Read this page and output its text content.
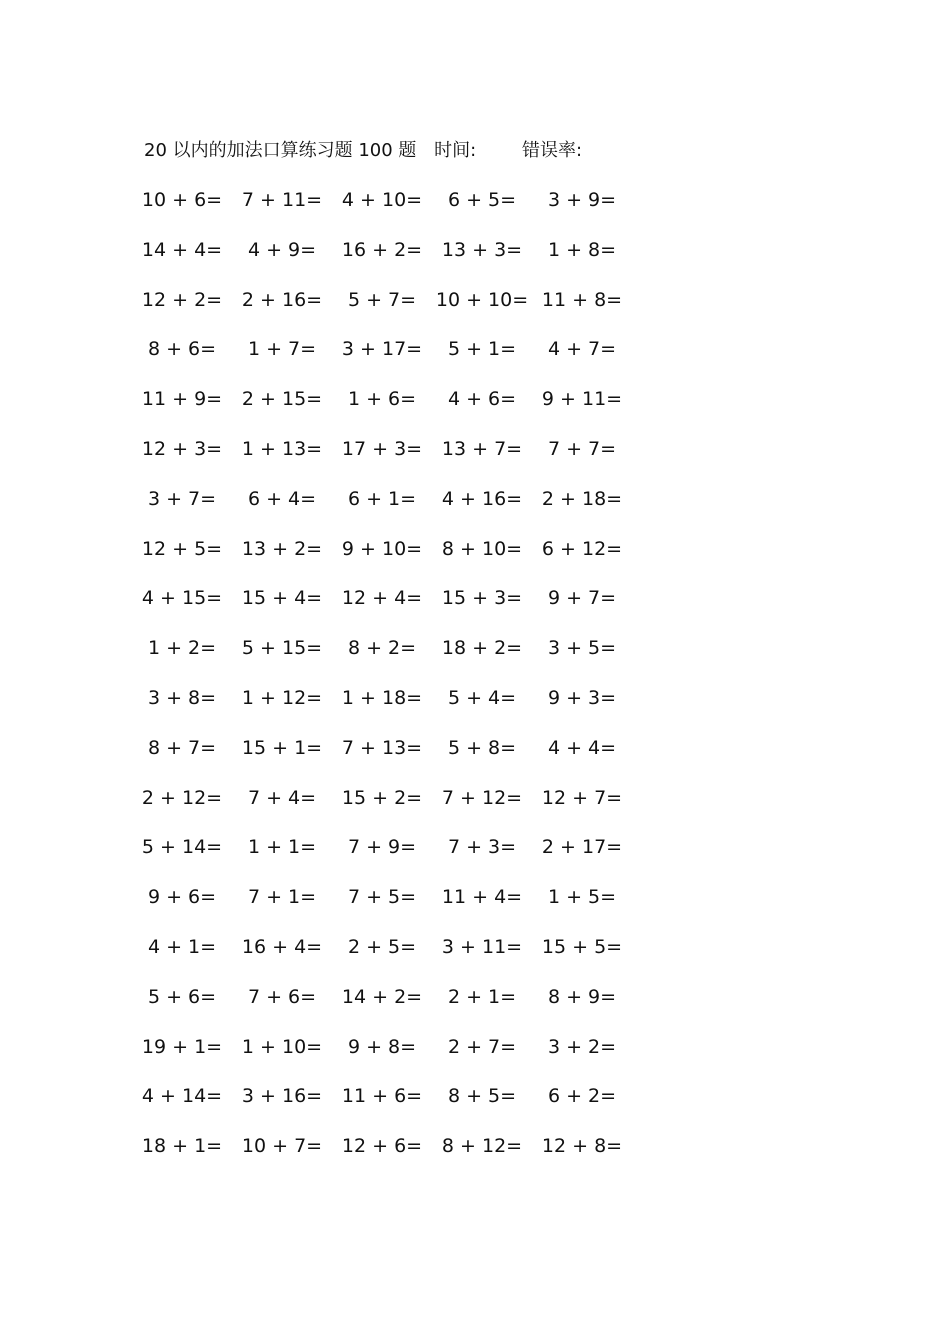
20 以内的加法口算练习题 100 题 时间:	错误率:
10 + 6=	7 + 11=	4 + 10=	6 + 5=	3 + 9=
14 + 4=	4 + 9=	16 + 2=	13 + 3=	1 + 8=
12 + 2=	2 + 16=	5 + 7=	10 + 10= 11 + 8=
8 + 6=	1 + 7=	3 + 17=	5 + 1=	4 + 7=
11 + 9=	2 + 15=	1 + 6=	4 + 6=	9 + 11=
12 + 3=	1 + 13=	17 + 3=	13 + 7=	7 + 7=
3 + 7=	6 + 4=	6 + 1=	4 + 16=	2 + 18=
12 + 5=	13 + 2=	9 + 10=	8 + 10=	6 + 12=
4 + 15=	15 + 4=	12 + 4=	15 + 3=	9 + 7=
1 + 2=	5 + 15=	8 + 2=	18 + 2=	3 + 5=
3 + 8=	1 + 12=	1 + 18=	5 + 4=	9 + 3=
8 + 7=	15 + 1=	7 + 13=	5 + 8=	4 + 4=
2 + 12=	7 + 4=	15 + 2=	7 + 12=	12 + 7=
5 + 14=	1 + 1=	7 + 9=	7 + 3=	2 + 17=
9 + 6=	7 + 1=	7 + 5=	11 + 4=	1 + 5=
4 + 1=	16 + 4=	2 + 5=	3 + 11=	15 + 5=
5 + 6=	7 + 6=	14 + 2=	2 + 1=	8 + 9=
19 + 1=	1 + 10=	9 + 8=	2 + 7=	3 + 2=
4 + 14=	3 + 16=	11 + 6=	8 + 5=	6 + 2=
18 + 1=	10 + 7=	12 + 6=	8 + 12=	12 + 8=
